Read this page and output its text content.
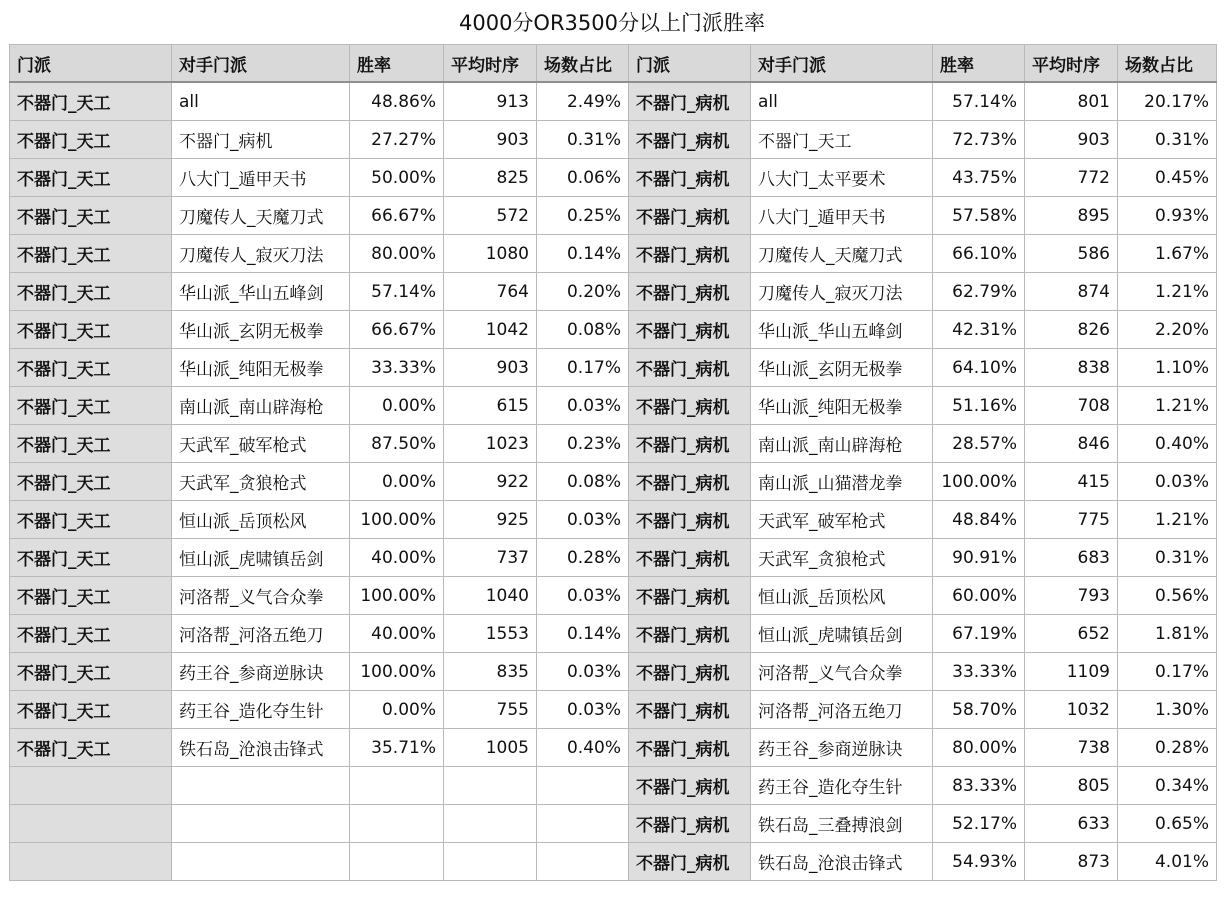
4000分OR3500分以上门派胜率
门派	对手门派	胜率	平均时序	场数占比	门派	对手门派	胜率	平均时序	场数占比
不器门_天工	all	48.86%	913	2.49%	不器门_病机	all	57.14%	801	20.17%
不器门_天工	不器门_病机	27.27%	903	0.31%	不器门_病机	不器门_天工	72.73%	903	0.31%
不器门_天工	八大门_遁甲天书	50.00%	825	0.06%	不器门_病机	八大门_太平要术	43.75%	772	0.45%
不器门_天工	刀魔传人_天魔刀式	66.67%	572	0.25%	不器门_病机	八大门_遁甲天书	57.58%	895	0.93%
不器门_天工	刀魔传人_寂灭刀法	80.00%	1080	0.14%	不器门_病机	刀魔传人_天魔刀式	66.10%	586	1.67%
不器门_天工	华山派_华山五峰剑	57.14%	764	0.20%	不器门_病机	刀魔传人_寂灭刀法	62.79%	874	1.21%
不器门_天工	华山派_玄阴无极拳	66.67%	1042	0.08%	不器门_病机	华山派_华山五峰剑	42.31%	826	2.20%
不器门_天工	华山派_纯阳无极拳	33.33%	903	0.17%	不器门_病机	华山派_玄阴无极拳	64.10%	838	1.10%
不器门_天工	南山派_南山辟海枪	0.00%	615	0.03%	不器门_病机	华山派_纯阳无极拳	51.16%	708	1.21%
不器门_天工	天武军_破军枪式	87.50%	1023	0.23%	不器门_病机	南山派_南山辟海枪	28.57%	846	0.40%
不器门_天工	天武军_贪狼枪式	0.00%	922	0.08%	不器门_病机	南山派_山猫潜龙拳	100.00%	415	0.03%
不器门_天工	恒山派_岳顶松风	100.00%	925	0.03%	不器门_病机	天武军_破军枪式	48.84%	775	1.21%
不器门_天工	恒山派_虎啸镇岳剑	40.00%	737	0.28%	不器门_病机	天武军_贪狼枪式	90.91%	683	0.31%
不器门_天工	河洛帮_义气合众拳	100.00%	1040	0.03%	不器门_病机	恒山派_岳顶松风	60.00%	793	0.56%
不器门_天工	河洛帮_河洛五绝刀	40.00%	1553	0.14%	不器门_病机	恒山派_虎啸镇岳剑	67.19%	652	1.81%
不器门_天工	药王谷_参商逆脉诀	100.00%	835	0.03%	不器门_病机	河洛帮_义气合众拳	33.33%	1109	0.17%
不器门_天工	药王谷_造化夺生针	0.00%	755	0.03%	不器门_病机	河洛帮_河洛五绝刀	58.70%	1032	1.30%
不器门_天工	铁石岛_沧浪击锋式	35.71%	1005	0.40%	不器门_病机	药王谷_参商逆脉诀	80.00%	738	0.28%
					不器门_病机	药王谷_造化夺生针	83.33%	805	0.34%
					不器门_病机	铁石岛_三叠搏浪剑	52.17%	633	0.65%
					不器门_病机	铁石岛_沧浪击锋式	54.93%	873	4.01%
